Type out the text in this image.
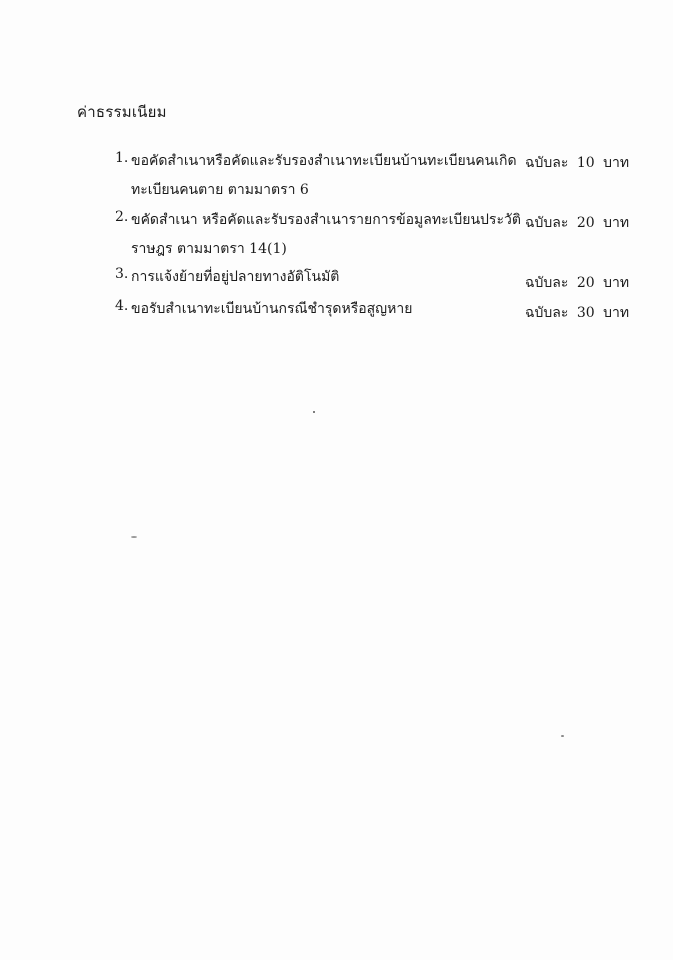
ค่าธรรมเนียม
1. ขอคัดสำเนาหรือคัดและรับรองสำเนาทะเบียนบ้านทะเบียนคนเกิด
ทะเบียนคนตาย ตามมาตรา 6
ฉบับละ 10 บาท
2. ขคัดสำเนา หรือคัดและรับรองสำเนารายการข้อมูลทะเบียนประวัติ
ราษฎร ตามมาตรา 14(1)
ฉบับละ 20 บาท
3. การแจ้งย้ายที่อยู่ปลายทางอัติโนมัติ	ฉบับละ 20 บาท
4. ขอรับสำเนาทะเบียนบ้านกรณีชำรุดหรือสูญหาย	ฉบับละ 30 บาท
